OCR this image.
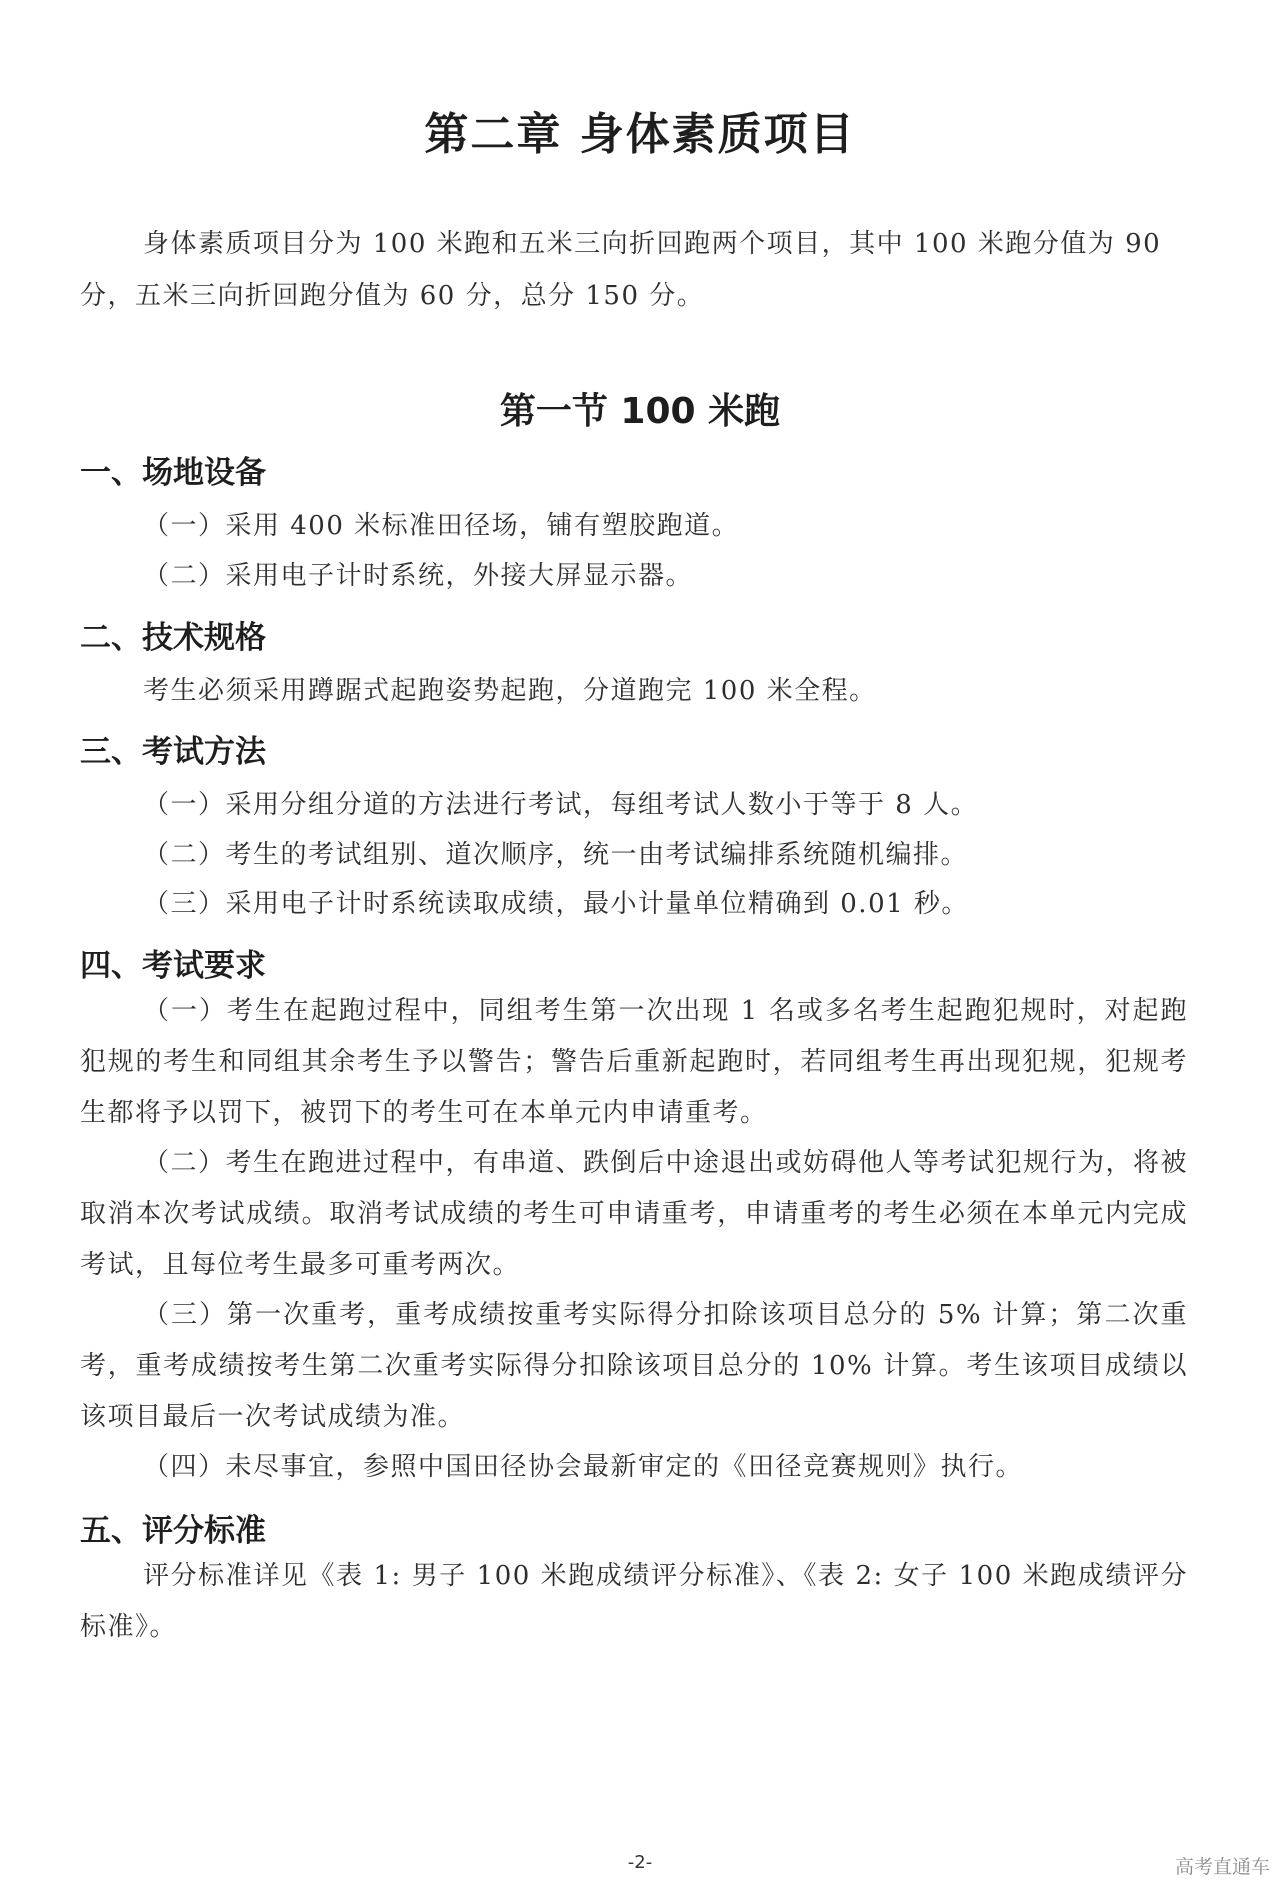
第二章 身体素质项目
身体素质项目分为 100 米跑和五米三向折回跑两个项目，其中 100 米跑分值为 90 分，五米三向折回跑分值为 60 分，总分 150 分。
第一节 100 米跑
一、场地设备
（一）采用 400 米标准田径场，铺有塑胶跑道。
（二）采用电子计时系统，外接大屏显示器。
二、技术规格
考生必须采用蹲踞式起跑姿势起跑，分道跑完 100 米全程。
三、考试方法
（一）采用分组分道的方法进行考试，每组考试人数小于等于 8 人。
（二）考生的考试组别、道次顺序，统一由考试编排系统随机编排。
（三）采用电子计时系统读取成绩，最小计量单位精确到 0.01 秒。
四、考试要求
（一）考生在起跑过程中，同组考生第一次出现 1 名或多名考生起跑犯规时，对起跑犯规的考生和同组其余考生予以警告；警告后重新起跑时，若同组考生再出现犯规，犯规考生都将予以罚下，被罚下的考生可在本单元内申请重考。
（二）考生在跑进过程中，有串道、跌倒后中途退出或妨碍他人等考试犯规行为，将被取消本次考试成绩。取消考试成绩的考生可申请重考，申请重考的考生必须在本单元内完成考试，且每位考生最多可重考两次。
（三）第一次重考，重考成绩按重考实际得分扣除该项目总分的 5% 计算；第二次重考，重考成绩按考生第二次重考实际得分扣除该项目总分的 10% 计算。考生该项目成绩以该项目最后一次考试成绩为准。
（四）未尽事宜，参照中国田径协会最新审定的《田径竞赛规则》执行。
五、评分标准
评分标准详见《表 1: 男子 100 米跑成绩评分标准》、《表 2: 女子 100 米跑成绩评分标准》。
-2-	高考直通车
